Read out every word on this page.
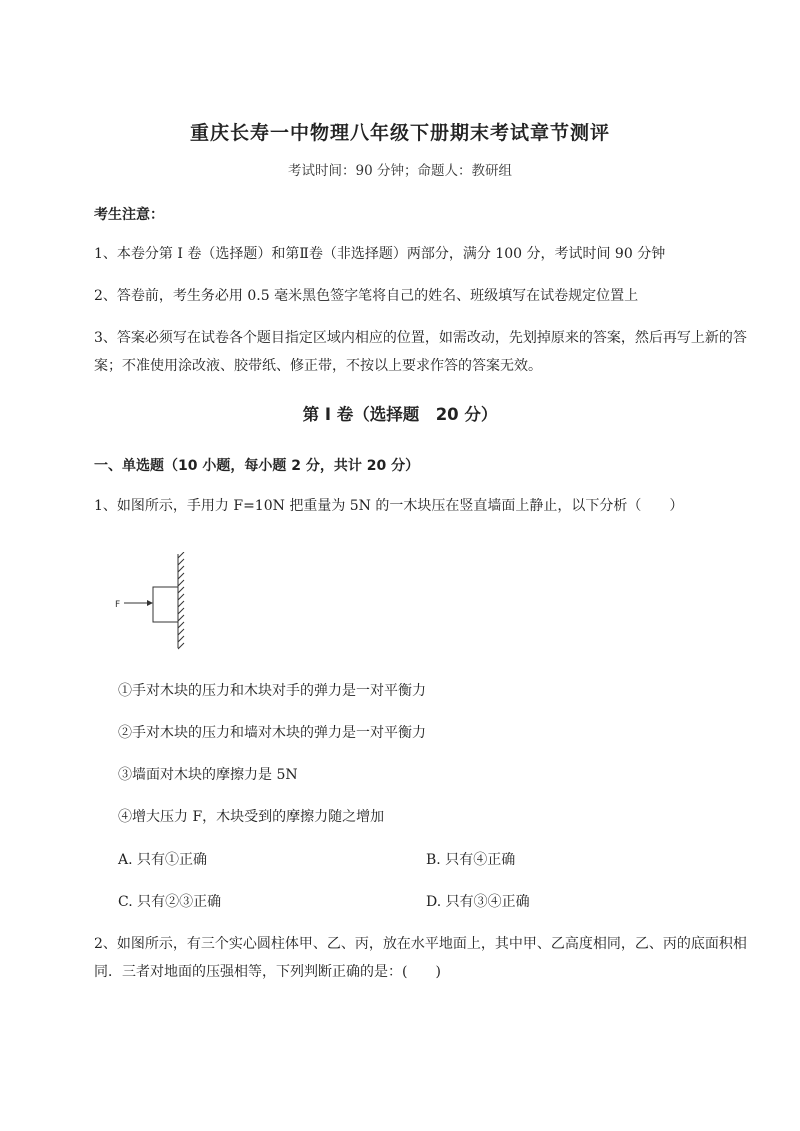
重庆长寿一中物理八年级下册期末考试章节测评
考试时间：90 分钟；命题人：教研组
考生注意：
1、本卷分第 I 卷（选择题）和第Ⅱ卷（非选择题）两部分，满分 100 分，考试时间 90 分钟
2、答卷前，考生务必用 0.5 毫米黑色签字笔将自己的姓名、班级填写在试卷规定位置上
3、答案必须写在试卷各个题目指定区域内相应的位置，如需改动，先划掉原来的答案，然后再写上新的答案；不准使用涂改液、胶带纸、修正带，不按以上要求作答的答案无效。
第 I 卷（选择题　20 分）
一、单选题（10 小题，每小题 2 分，共计 20 分）
1、如图所示，手用力 F=10N 把重量为 5N 的一木块压在竖直墙面上静止，以下分析（　　）
F
①手对木块的压力和木块对手的弹力是一对平衡力
②手对木块的压力和墙对木块的弹力是一对平衡力
③墙面对木块的摩擦力是 5N
④增大压力 F，木块受到的摩擦力随之增加
A. 只有①正确	B. 只有④正确
C. 只有②③正确	D. 只有③④正确
2、如图所示，有三个实心圆柱体甲、乙、丙，放在水平地面上，其中甲、乙高度相同，乙、丙的底面积相同．三者对地面的压强相等，下列判断正确的是：(　　)
